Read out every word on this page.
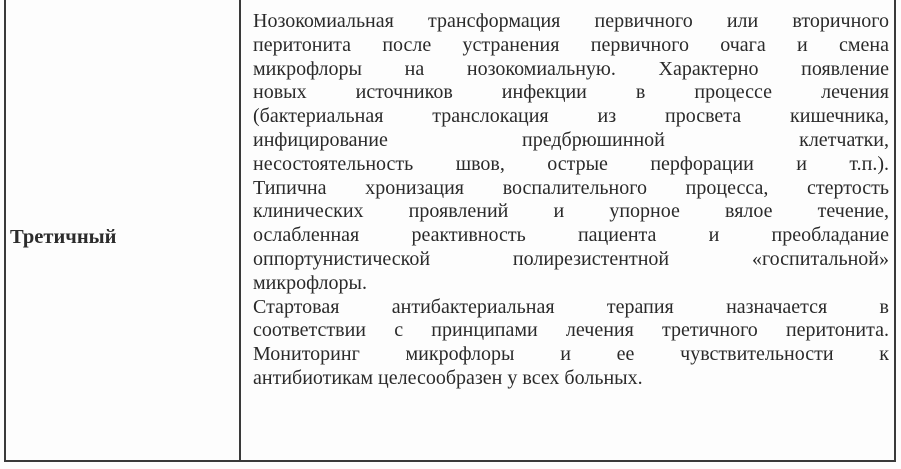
Третичный
Нозокомиальная трансформация первичного или вторичного
перитонита после устранения первичного очага и смена
микрофлоры на нозокомиальную. Характерно появление
новых источников инфекции в процессе лечения
(бактериальная транслокация из просвета кишечника,
инфицирование предбрюшинной клетчатки,
несостоятельность швов, острые перфорации и т.п.).
Типична хронизация воспалительного процесса, стертость
клинических проявлений и упорное вялое течение,
ослабленная реактивность пациента и преобладание
оппортунистической полирезистентной «госпитальной»
микрофлоры.
Стартовая антибактериальная терапия назначается в
соответствии с принципами лечения третичного перитонита.
Мониторинг микрофлоры и ее чувствительности к
антибиотикам целесообразен у всех больных.
